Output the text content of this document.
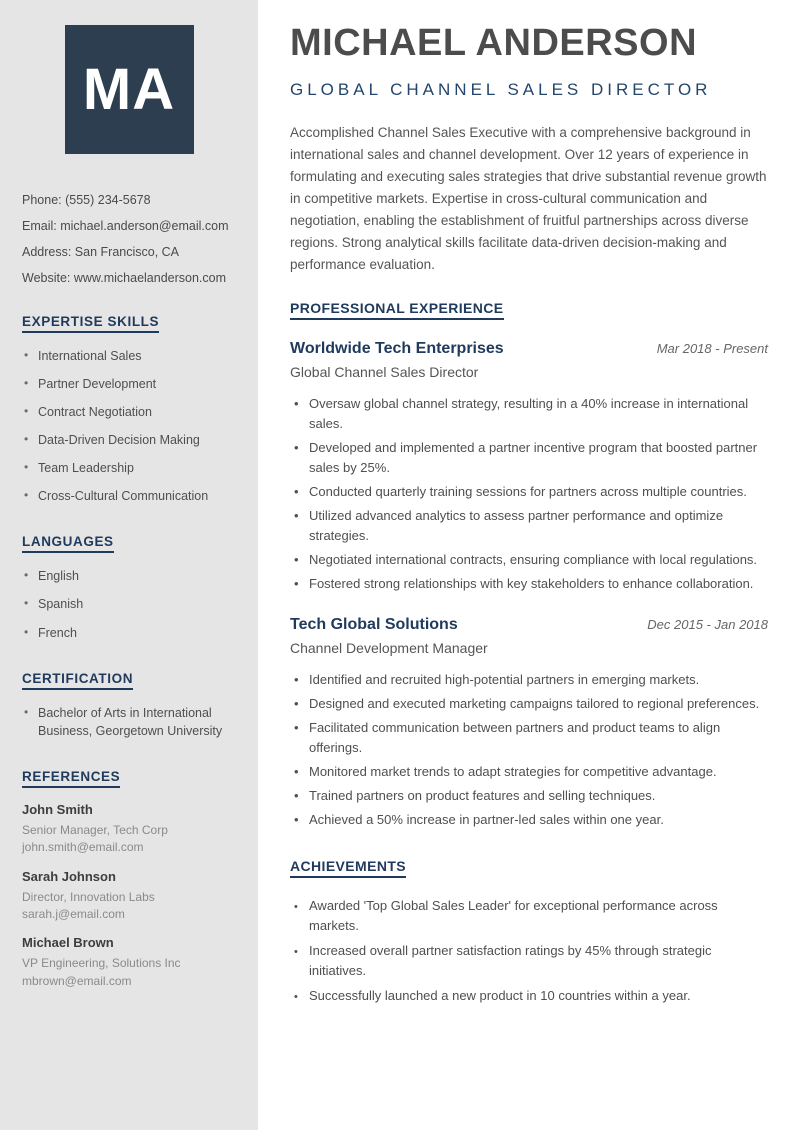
MA
Phone: (555) 234-5678
Email: michael.anderson@email.com
Address: San Francisco, CA
Website: www.michaelanderson.com
EXPERTISE SKILLS
• International Sales
• Partner Development
• Contract Negotiation
• Data-Driven Decision Making
• Team Leadership
• Cross-Cultural Communication
LANGUAGES
• English
• Spanish
• French
CERTIFICATION
• Bachelor of Arts in International Business, Georgetown University
REFERENCES
John Smith
Senior Manager, Tech Corp
john.smith@email.com
Sarah Johnson
Director, Innovation Labs
sarah.j@email.com
Michael Brown
VP Engineering, Solutions Inc
mbrown@email.com
MICHAEL ANDERSON
GLOBAL CHANNEL SALES DIRECTOR

Accomplished Channel Sales Executive with a comprehensive background in international sales and channel development. Over 12 years of experience in formulating and executing sales strategies that drive substantial revenue growth in competitive markets. Expertise in cross-cultural communication and negotiation, enabling the establishment of fruitful partnerships across diverse regions. Strong analytical skills facilitate data-driven decision-making and performance evaluation.

PROFESSIONAL EXPERIENCE
Worldwide Tech Enterprises	Mar 2018 - Present
Global Channel Sales Director
• Oversaw global channel strategy, resulting in a 40% increase in international sales.
• Developed and implemented a partner incentive program that boosted partner sales by 25%.
• Conducted quarterly training sessions for partners across multiple countries.
• Utilized advanced analytics to assess partner performance and optimize strategies.
• Negotiated international contracts, ensuring compliance with local regulations.
• Fostered strong relationships with key stakeholders to enhance collaboration.
Tech Global Solutions	Dec 2015 - Jan 2018
Channel Development Manager
• Identified and recruited high-potential partners in emerging markets.
• Designed and executed marketing campaigns tailored to regional preferences.
• Facilitated communication between partners and product teams to align offerings.
• Monitored market trends to adapt strategies for competitive advantage.
• Trained partners on product features and selling techniques.
• Achieved a 50% increase in partner-led sales within one year.
ACHIEVEMENTS
• Awarded 'Top Global Sales Leader' for exceptional performance across markets.
• Increased overall partner satisfaction ratings by 45% through strategic initiatives.
• Successfully launched a new product in 10 countries within a year.
